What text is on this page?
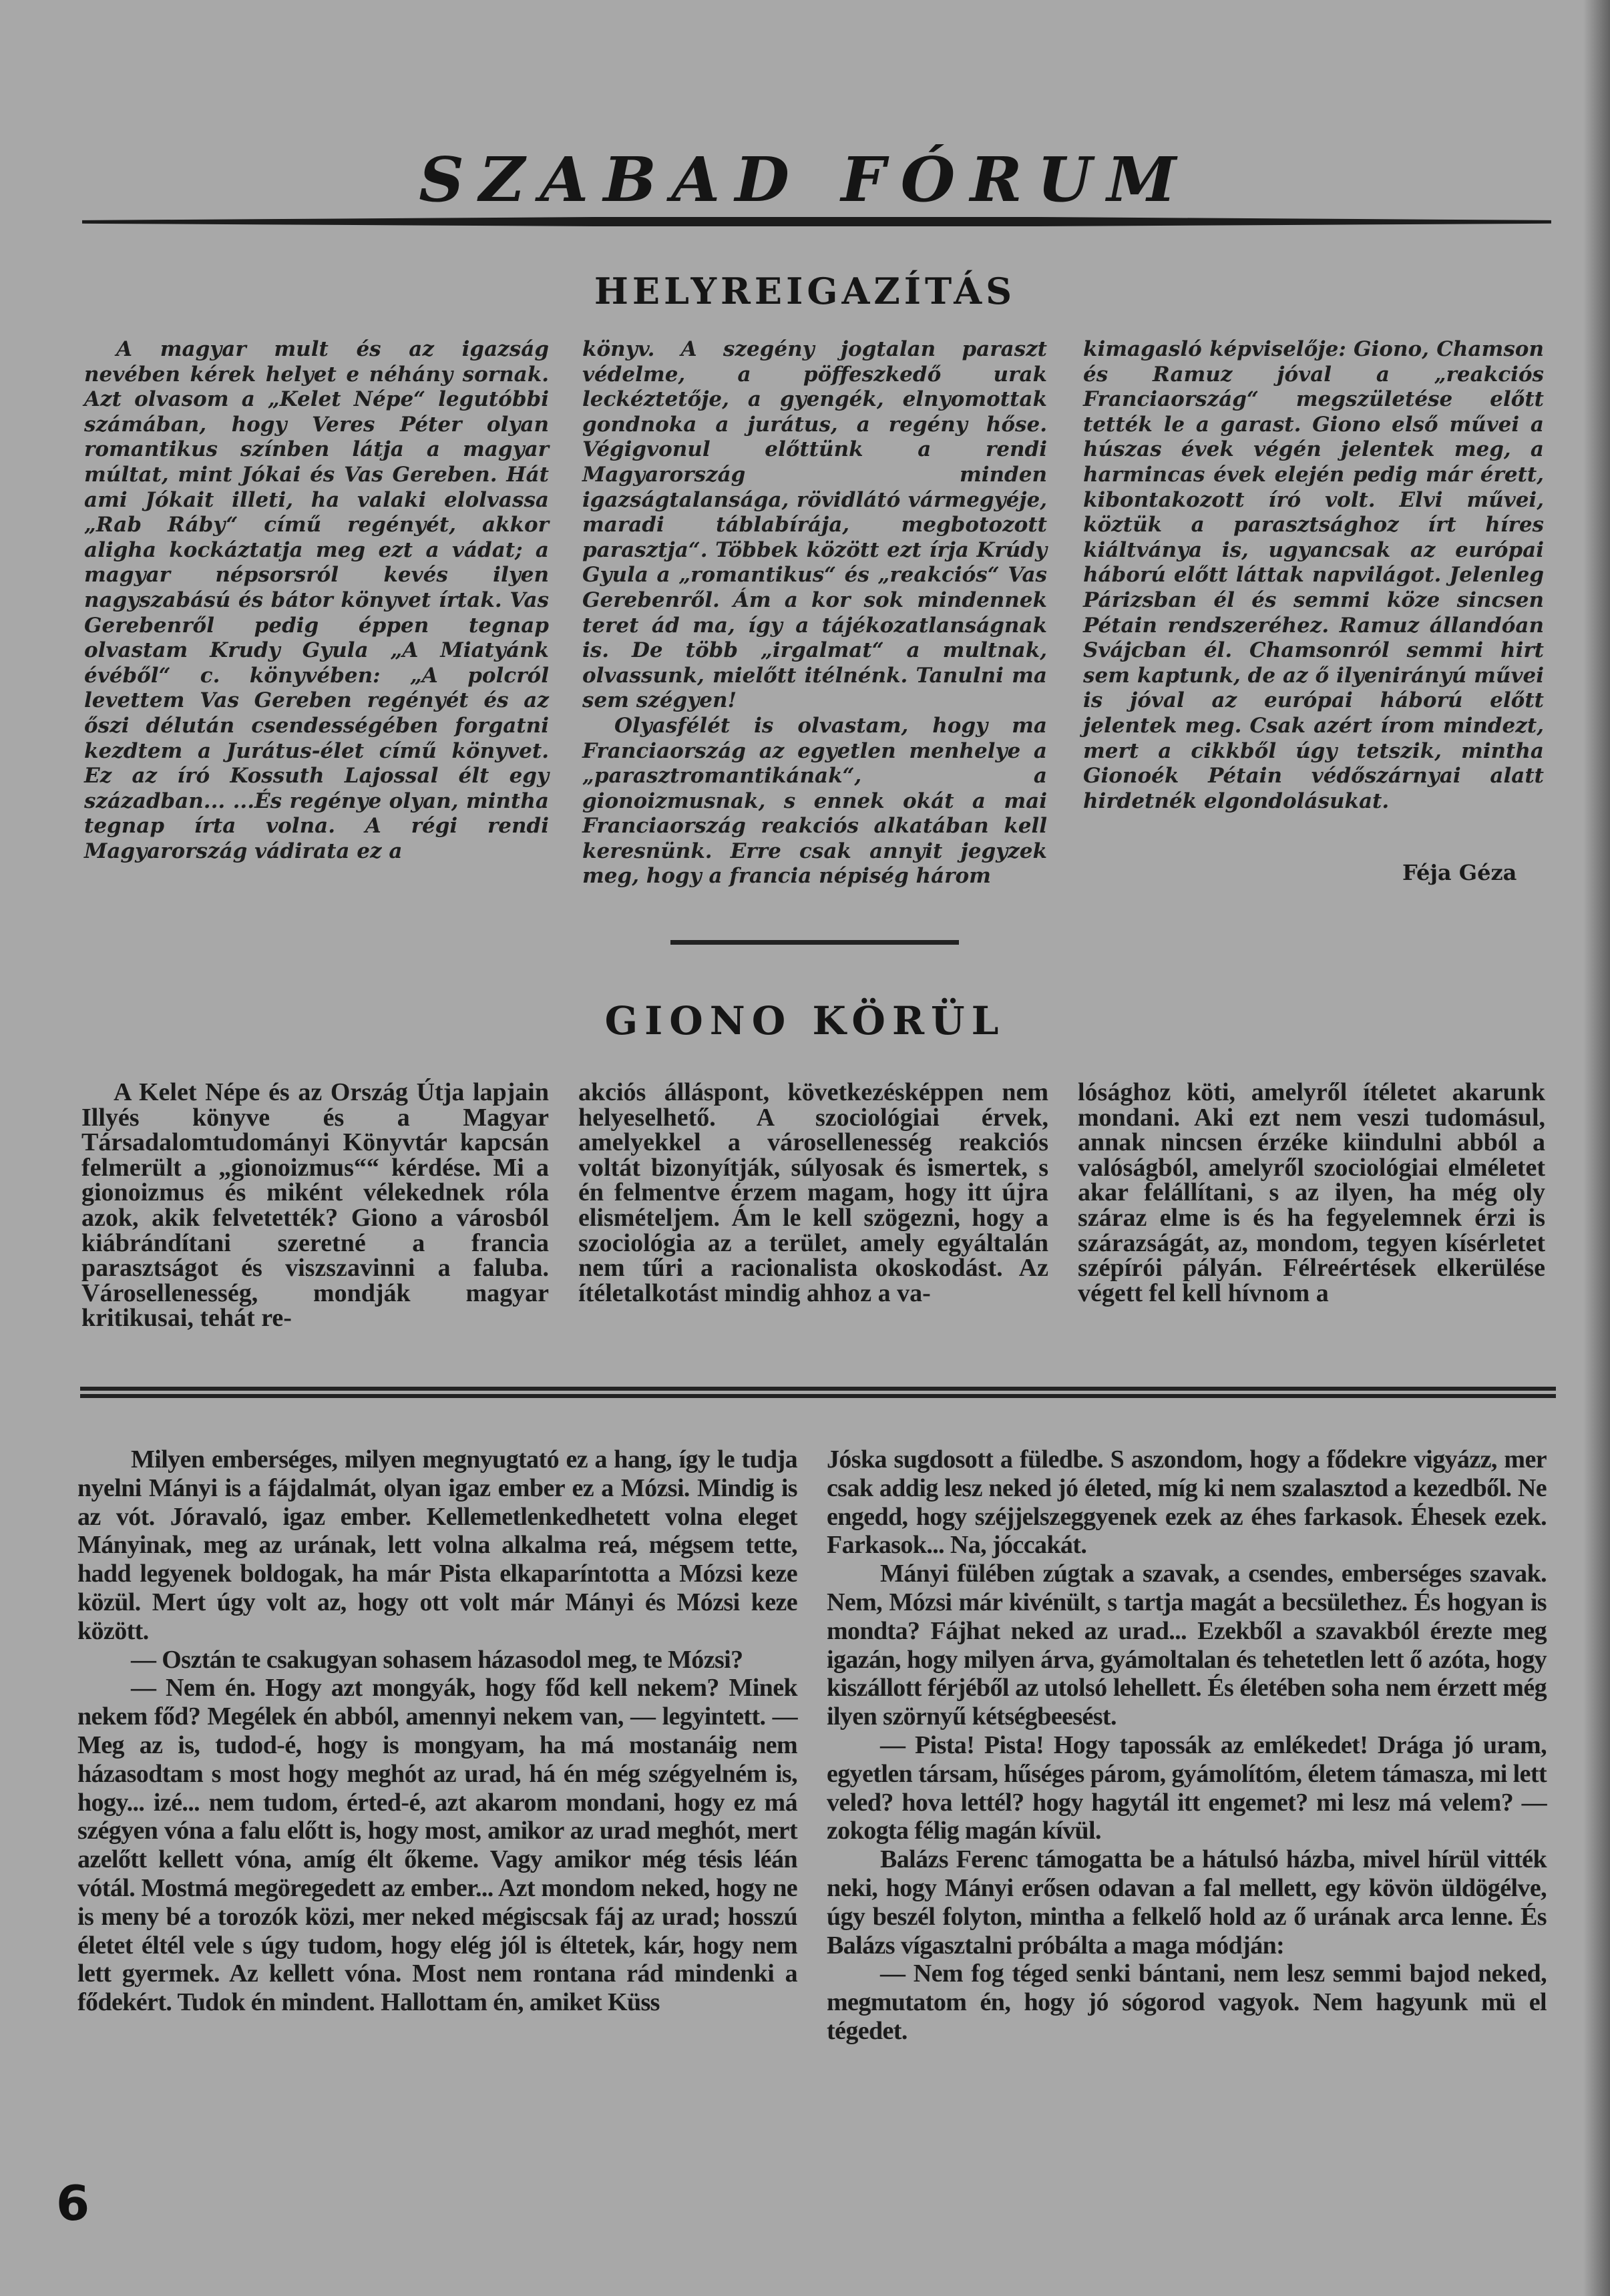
SZABAD FÓRUM
HELYREIGAZÍTÁS

A magyar mult és az igazság nevében kérek helyet e néhány sornak. Azt olvasom a „Kelet Népe“ legutóbbi számában, hogy Veres Péter olyan romantikus színben látja a magyar múltat, mint Jókai és Vas Gereben. Hát ami Jókait illeti, ha valaki elolvassa „Rab Ráby“ című regényét, akkor aligha kockáztatja meg ezt a vádat; a magyar népsorsról kevés ilyen nagyszabású és bátor könyvet írtak. Vas Gerebenről pedig éppen tegnap olvastam Krudy Gyula „A Miatyánk évéből“ c. könyvében: „A polcról levettem Vas Gereben regényét és az őszi délután csendességében forgatni kezdtem a Jurátus-élet című könyvet. Ez az író Kossuth Lajossal élt egy században... ...És regénye olyan, mintha tegnap írta volna. A régi rendi Magyarország vádirata ez a

könyv. A szegény jogtalan paraszt védelme, a pöffeszkedő urak leckéztetője, a gyengék, elnyomottak gondnoka a jurátus, a regény hőse. Végigvonul előttünk a rendi Magyarország minden igazságtalansága, rövidlátó vármegyéje, maradi táblabírája, megbotozott parasztja“. Többek között ezt írja Krúdy Gyula a „romantikus“ és „reakciós“ Vas Gerebenről. Ám a kor sok mindennek teret ád ma, így a tájékozatlanságnak is. De több „irgalmat“ a multnak, olvassunk, mielőtt itélnénk. Tanulni ma sem szégyen!

Olyasfélét is olvastam, hogy ma Franciaország az egyetlen menhelye a „parasztromantikának“, a gionoizmusnak, s ennek okát a mai Franciaország reakciós alkatában kell keresnünk. Erre csak annyit jegyzek meg, hogy a francia népiség három

kimagasló képviselője: Giono, Chamson és Ramuz jóval a „reakciós Franciaország“ megszületése előtt tették le a garast. Giono első művei a húszas évek végén jelentek meg, a harmincas évek elején pedig már érett, kibontakozott író volt. Elvi művei, köztük a parasztsághoz írt híres kiáltványa is, ugyancsak az európai háború előtt láttak napvilágot. Jelenleg Párizsban él és semmi köze sincsen Pétain rendszeréhez. Ramuz állandóan Svájcban él. Chamsonról semmi hirt sem kaptunk, de az ő ilyenirányú művei is jóval az európai háború előtt jelentek meg. Csak azért írom mindezt, mert a cikkből úgy tetszik, mintha Gionoék Pétain védőszárnyai alatt hirdetnék elgondolásukat.

Féja Géza
GIONO KÖRÜL

A Kelet Népe és az Ország Útja lapjain Illyés könyve és a Magyar Társadalomtudományi Könyvtár kapcsán felmerült a „gionoizmus““ kérdése. Mi a gionoizmus és miként vélekednek róla azok, akik felvetették? Giono a városból kiábrándítani szeretné a francia parasztságot és viszszavinni a faluba. Városellenesség, mondják magyar kritikusai, tehát re-

akciós álláspont, következésképpen nem helyeselhető. A szociológiai érvek, amelyekkel a városellenesség reakciós voltát bizonyítják, súlyosak és ismertek, s én felmentve érzem magam, hogy itt újra elismételjem. Ám le kell szögezni, hogy a szociológia az a terület, amely egyáltalán nem tűri a racionalista okoskodást. Az ítéletalkotást mindig ahhoz a va-

lósághoz köti, amelyről ítéletet akarunk mondani. Aki ezt nem veszi tudomásul, annak nincsen érzéke kiindulni abból a valóságból, amelyről szociológiai elméletet akar felállítani, s az ilyen, ha még oly száraz elme is és ha fegyelemnek érzi is szárazságát, az, mondom, tegyen kísérletet szépírói pályán. Félreértések elkerülése végett fel kell hívnom a

Milyen emberséges, milyen megnyugtató ez a hang, így le tudja nyelni Mányi is a fájdalmát, olyan igaz ember ez a Mózsi. Mindig is az vót. Jóravaló, igaz ember. Kellemetlenkedhetett volna eleget Mányinak, meg az urának, lett volna alkalma reá, mégsem tette, hadd legyenek boldogak, ha már Pista elkaparíntotta a Mózsi keze közül. Mert úgy volt az, hogy ott volt már Mányi és Mózsi keze között.

— Osztán te csakugyan sohasem házasodol meg, te Mózsi?

— Nem én. Hogy azt mongyák, hogy főd kell nekem? Minek nekem főd? Megélek én abból, amennyi nekem van, — legyintett. — Meg az is, tudod-é, hogy is mongyam, ha má mostanáig nem házasodtam s most hogy meghót az urad, há én még szégyelném is, hogy... izé... nem tudom, érted-é, azt akarom mondani, hogy ez má szégyen vóna a falu előtt is, hogy most, amikor az urad meghót, mert azelőtt kellett vóna, amíg élt őkeme. Vagy amikor még tésis léán vótál. Mostmá megöregedett az ember... Azt mondom neked, hogy ne is meny bé a torozók közi, mer neked mégiscsak fáj az urad; hosszú életet éltél vele s úgy tudom, hogy elég jól is éltetek, kár, hogy nem lett gyermek. Az kellett vóna. Most nem rontana rád mindenki a fődekért. Tudok én mindent. Hallottam én, amiket Küss

Jóska sugdosott a füledbe. S aszondom, hogy a fődekre vigyázz, mer csak addig lesz neked jó életed, míg ki nem szalasztod a kezedből. Ne engedd, hogy széjjelszeggyenek ezek az éhes farkasok. Éhesek ezek. Farkasok... Na, jóccakát.

Mányi fülében zúgtak a szavak, a csendes, emberséges szavak. Nem, Mózsi már kivénült, s tartja magát a becsülethez. És hogyan is mondta? Fájhat neked az urad... Ezekből a szavakból érezte meg igazán, hogy milyen árva, gyámoltalan és tehetetlen lett ő azóta, hogy kiszállott férjéből az utolsó lehellett. És életében soha nem érzett még ilyen szörnyű kétségbeesést.

— Pista! Pista! Hogy tapossák az emlékedet! Drága jó uram, egyetlen társam, hűséges párom, gyámolítóm, életem támasza, mi lett veled? hova lettél? hogy hagytál itt engemet? mi lesz má velem? — zokogta félig magán kívül.

Balázs Ferenc támogatta be a hátulsó házba, mivel hírül vitték neki, hogy Mányi erősen odavan a fal mellett, egy kövön üldögélve, úgy beszél folyton, mintha a felkelő hold az ő urának arca lenne. És Balázs vígasztalni próbálta a maga módján:

— Nem fog téged senki bántani, nem lesz semmi bajod neked, megmutatom én, hogy jó sógorod vagyok. Nem hagyunk mü el tégedet.

6
